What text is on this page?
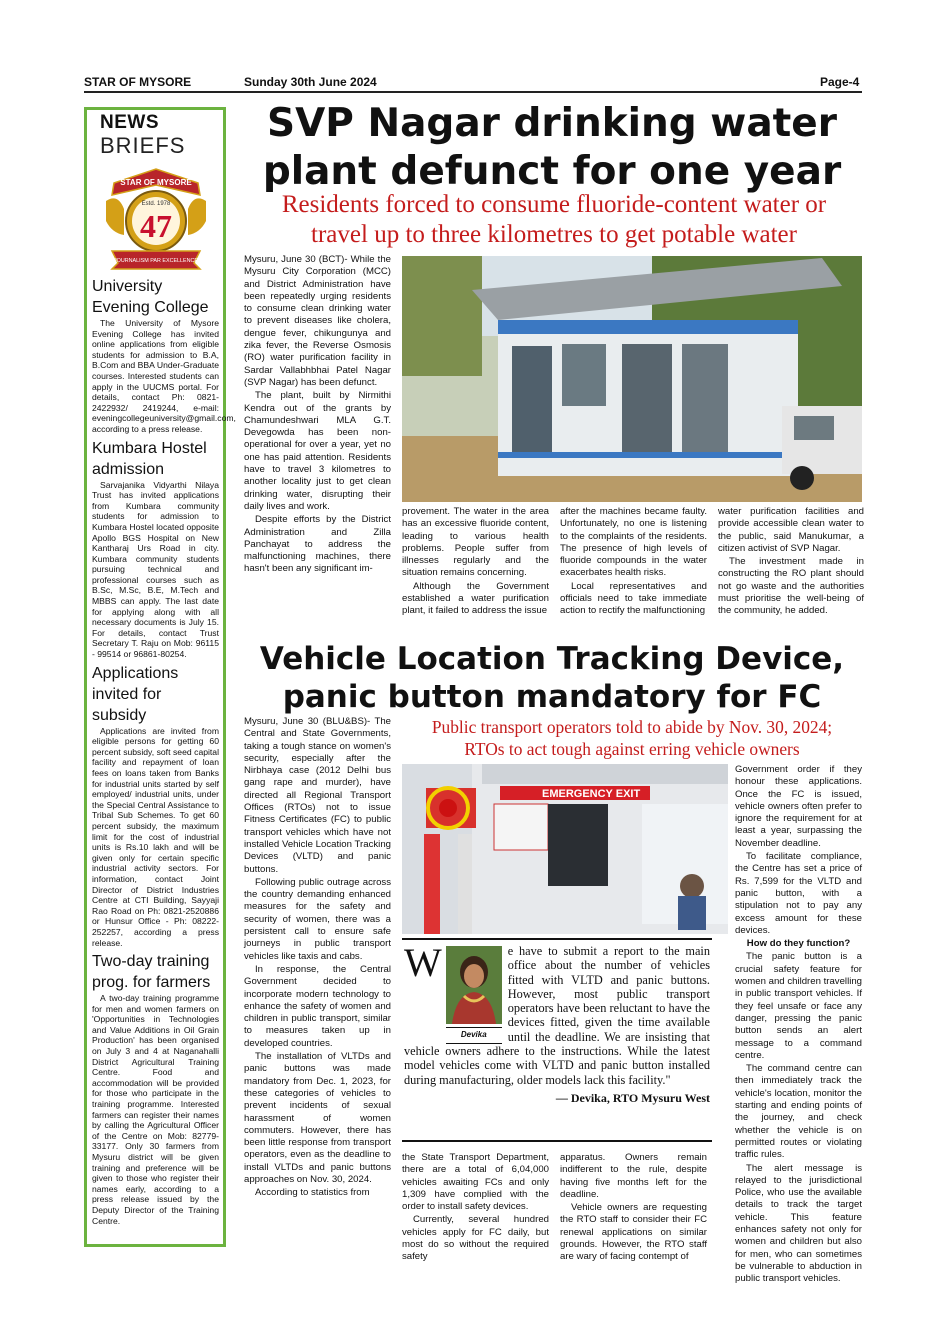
STAR OF MYSORE	Sunday 30th June 2024	Page-4
NEWS
BRIEFS
STAR OF MYSORE
Estd. 1978
47
JOURNALISM PAR EXCELLENCE
University Evening College
The University of Mysore Evening College has invited online applications from eligible students for admission to B.A, B.Com and BBA Under-Graduate courses. Interested students can apply in the UUCMS portal. For details, contact Ph: 0821-2422932/ 2419244, e-mail: eveningcollegeuniversity@gmail.com, according to a press release.
Kumbara Hostel admission
Sarvajanika Vidyarthi Nilaya Trust has invited applications from Kumbara community students for admission to Kumbara Hostel located opposite Apollo BGS Hospital on New Kantharaj Urs Road in city. Kumbara community students pursuing technical and professional courses such as B.Sc, M.Sc, B.E, M.Tech and MBBS can apply. The last date for applying along with all necessary documents is July 15. For details, contact Trust Secretary T. Raju on Mob: 96115 - 99514 or 96861-80254.
Applications invited for subsidy
Applications are invited from eligible persons for getting 60 percent subsidy, soft seed capital facility and repayment of loan fees on loans taken from Banks for industrial units started by self employed/ industrial units, under the Special Central Assistance to Tribal Sub Schemes. To get 60 percent subsidy, the maximum limit for the cost of industrial units is Rs.10 lakh and will be given only for certain specific industrial activity sectors. For information, contact Joint Director of District Industries Centre at CTI Building, Sayyaji Rao Road on Ph: 0821-2520886 or Hunsur Office - Ph: 08222-252257, according a press release.
Two-day training prog. for farmers
A two-day training programme for men and women farmers on 'Opportunities in Technologies and Value Additions in Oil Grain Production' has been organised on July 3 and 4 at Naganahalli District Agricultural Training Centre. Food and accommodation will be provided for those who participate in the training programme. Interested farmers can register their names by calling the Agricultural Officer of the Centre on Mob: 82779-33177. Only 30 farmers from Mysuru district will be given training and preference will be given to those who register their names early, according to a press release issued by the Deputy Director of the Training Centre.
SVP Nagar drinking water
plant defunct for one year
Residents forced to consume fluoride-content water or
travel up to three kilometres to get potable water

Mysuru, June 30 (BCT)- While the Mysuru City Corporation (MCC) and District Administration have been repeatedly urging residents to consume clean drinking water to prevent diseases like cholera, dengue fever, chikungunya and zika fever, the Reverse Osmosis (RO) water purification facility in Sardar Vallabhbhai Patel Nagar (SVP Nagar) has been defunct.

The plant, built by Nirmithi Kendra out of the grants by Chamundeshwari MLA G.T. Devegowda has been non-operational for over a year, yet no one has paid attention. Residents have to travel 3 kilometres to another locality just to get clean drinking water, disrupting their daily lives and work.

Despite efforts by the District Administration and Zilla Panchayat to address the malfunctioning machines, there hasn't been any significant im-

provement. The water in the area has an excessive fluoride content, leading to various health problems. People suffer from illnesses regularly and the situation remains concerning.

Although the Government established a water purification plant, it failed to address the issue

after the machines became faulty. Unfortunately, no one is listening to the complaints of the residents. The presence of high levels of fluoride compounds in the water exacerbates health risks.

Local representatives and officials need to take immediate action to rectify the malfunctioning

water purification facilities and provide accessible clean water to the public, said Manukumar, a citizen activist of SVP Nagar.

The investment made in constructing the RO plant should not go waste and the authorities must prioritise the well-being of the community, he added.

Vehicle Location Tracking Device,
panic button mandatory for FC

Mysuru, June 30 (BLU&BS)- The Central and State Governments, taking a tough stance on women's security, especially after the Nirbhaya case (2012 Delhi bus gang rape and murder), have directed all Regional Transport Offices (RTOs) not to issue Fitness Certificates (FC) to public transport vehicles which have not installed Vehicle Location Tracking Devices (VLTD) and panic buttons.

Following public outrage across the country demanding enhanced measures for the safety and security of women, there was a persistent call to ensure safe journeys in public transport vehicles like taxis and cabs.

In response, the Central Government decided to incorporate modern technology to enhance the safety of women and children in public transport, similar to measures taken up in developed countries.

The installation of VLTDs and panic buttons was made mandatory from Dec. 1, 2023, for these categories of vehicles to prevent incidents of sexual harassment of women commuters. However, there has been little response from transport operators, even as the deadline to install VLTDs and panic buttons approaches on Nov. 30, 2024.

According to statistics from

Public transport operators told to abide by Nov. 30, 2024;
RTOs to act tough against erring vehicle owners
EMERGENCY EXIT

Government order if they honour these applications. Once the FC is issued, vehicle owners often prefer to ignore the requirement for at least a year, surpassing the November deadline.

To facilitate compliance, the Centre has set a price of Rs. 7,599 for the VLTD and panic button, with a stipulation not to pay any excess amount for these devices.

How do they function?

The panic button is a crucial safety feature for women and children travelling in public transport vehicles. If they feel unsafe or face any danger, pressing the panic button sends an alert message to a command centre.

The command centre can then immediately track the vehicle's location, monitor the starting and ending points of the journey, and check whether the vehicle is on permitted routes or violating traffic rules.

The alert message is relayed to the jurisdictional Police, who use the available details to track the target vehicle. This feature enhances safety not only for women and children but also for men, who can sometimes be vulnerable to abduction in public transport vehicles.

W
Devika
e have to submit a report to the main office about the number of vehicles fitted with VLTD and panic buttons. However, most public transport operators have been reluctant to have the devices fitted, given the time available until the deadline. We are insisting that vehicle owners adhere to the instructions. While the latest model vehicles come with VLTD and panic button installed during manufacturing, older models lack this facility."
— Devika, RTO Mysuru West

the State Transport Department, there are a total of 6,04,000 vehicles awaiting FCs and only 1,309 have complied with the order to install safety devices.

Currently, several hundred vehicles apply for FC daily, but most do so without the required safety

apparatus. Owners remain indifferent to the rule, despite having five months left for the deadline.

Vehicle owners are requesting the RTO staff to consider their FC renewal applications on similar grounds. However, the RTO staff are wary of facing contempt of
